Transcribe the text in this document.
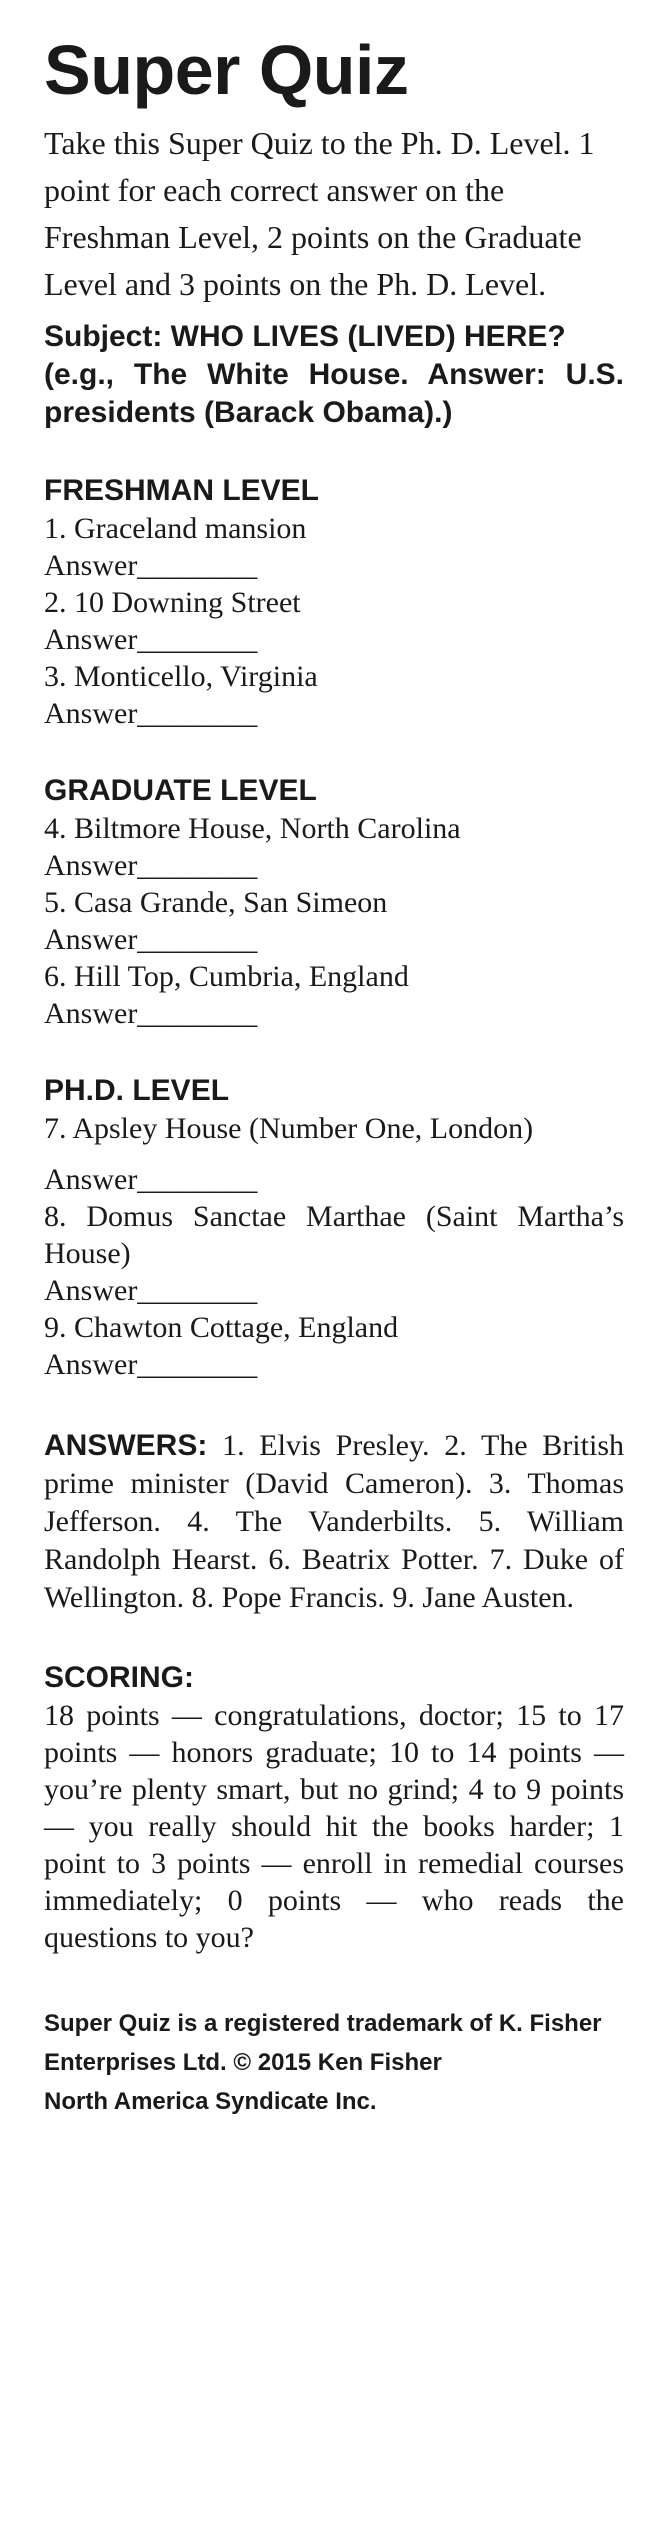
Super Quiz

Take this Super Quiz to the Ph. D. Level. 1 point for each correct answer on the Freshman Level, 2 points on the Graduate Level and 3 points on the Ph. D. Level.

Subject: WHO LIVES (LIVED) HERE?

(e.g., The White House. Answer: U.S. presidents (Barack Obama).)

FRESHMAN LEVEL

1. Graceland mansion

Answer________

2. 10 Downing Street

Answer________

3. Monticello, Virginia

Answer________

GRADUATE LEVEL

4. Biltmore House, North Carolina

Answer________

5. Casa Grande, San Simeon

Answer________

6. Hill Top, Cumbria, England

Answer________

PH.D. LEVEL

7. Apsley House (Number One, London)

Answer________

8. Domus Sanctae Marthae (Saint Martha’s House)

Answer________

9. Chawton Cottage, England

Answer________

ANSWERS: 1. Elvis Presley. 2. The British prime minister (David Cameron). 3. Thomas Jefferson. 4. The Vanderbilts. 5. William Randolph Hearst. 6. Beatrix Potter. 7. Duke of Wellington. 8. Pope Francis. 9. Jane Austen.

SCORING:

18 points — congratulations, doctor; 15 to 17 points — honors graduate; 10 to 14 points — you’re plenty smart, but no grind; 4 to 9 points — you really should hit the books harder; 1 point to 3 points — enroll in remedial courses immediately; 0 points — who reads the questions to you?

Super Quiz is a registered trademark of K. Fisher Enterprises Ltd. © 2015 Ken Fisher

North America Syndicate Inc.
